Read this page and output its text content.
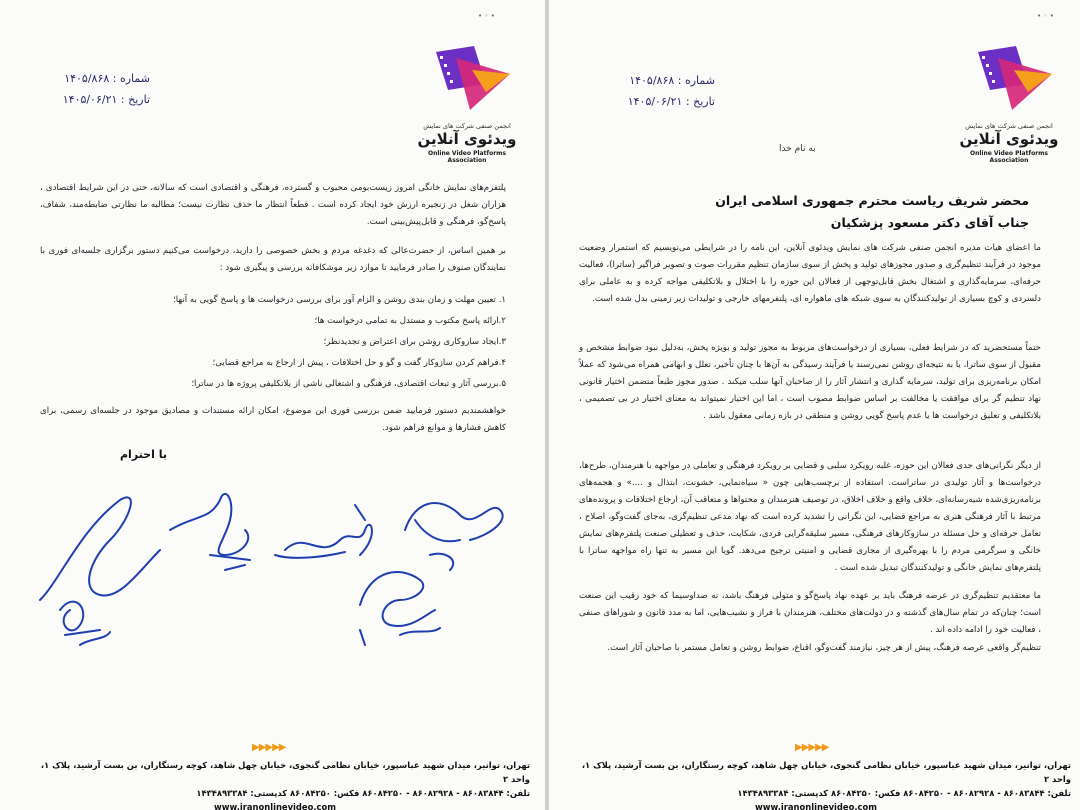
• ◦ •
شماره : ۱۴۰۵/۸۶۸
تاریخ : ۱۴۰۵/۰۶/۲۱
انجمن صنفی شرکت های نمایش
ویدئوی آنلاین
Online Video Platforms Association

پلتفرم‌های نمایش خانگی امروز زیست‌بومی محبوب و گسترده، فرهنگی و اقتصادی است که سالانه، حتی در این شرایط اقتصادی ، هزاران شغل در زنجیره ارزش خود ایجاد کرده است . قطعاً انتظار ما حذف نظارت نیست؛ مطالبه ما نظارتی ضابطه‌مند، شفاف، پاسخ‌گو، فرهنگی و قابل‌پیش‌بینی است.

بر همین اساس، از حضرت‌عالی که دغدغه مردم و بخش خصوصی را دارید، درخواست می‌کنیم دستور برگزاری جلسه‌ای فوری با نمایندگان صنوف را صادر فرمایید تا موارد زیر موشکافانه بررسی و پیگیری شود :

۱. تعیین مهلت و زمان بندی روشن و الزام آور برای بررسی درخواست ها و پاسخ گویی به آنها؛
۲.ارائه پاسخ مکتوب و مستدل به تمامی درخواست ها؛
۳.ایجاد سازوکاری روشن برای اعتراض و تجدیدنظر؛
۴.فراهم کردن سازوکار گفت و گو و حل اختلافات ، پیش از ارجاع به مراجع قضایی؛
۵.بررسی آثار و تبعات اقتصادی، فرهنگی و اشتغالی ناشی از بلاتکلیفی پروژه ها در ساترا؛

خواهشمندیم دستور فرمایید ضمن بررسی فوری این موضوع، امکان ارائه مستندات و مصادیق موجود در جلسه‌ای رسمی، برای کاهش فشارها و موانع فراهم شود.

با احترام
▶▶▶▶▶
تهران، توانیر، میدان شهید عباسپور، خیابان نظامی گنجوی، خیابان چهل شاهد، کوچه رستگاران، بن بست آرشید، پلاک ۱، واحد ۲
تلفن: ۸۶۰۸۳۸۴۴ - ۸۶۰۸۲۹۲۸ - ۸۶۰۸۴۲۵۰ فکس: ۸۶۰۸۴۲۵۰ کدپستی: ۱۴۳۴۸۹۳۳۸۴
www.iranonlinevideo.com
• ◦ •
شماره : ۱۴۰۵/۸۶۸
تاریخ : ۱۴۰۵/۰۶/۲۱
انجمن صنفی شرکت های نمایش
ویدئوی آنلاین
Online Video Platforms Association
به نام خدا
محضر شریف ریاست محترم جمهوری اسلامی ایران
جناب آقای دکتر مسعود پزشکیان

ما اعضای هیات مدیره انجمن صنفی شرکت های نمایش ویدئوی آنلاین، این نامه را در شرایطی می‌نویسیم که استمرار وضعیت موجود در فرآیند تنظیم‌گری و صدور مجوزهای تولید و پخش از سوی سازمان تنظیم مقررات صوت و تصویر فراگیر (ساترا)، فعالیت حرفه‌ای، سرمایه‌گذاری و اشتغال بخش قابل‌توجهی از فعالان این حوزه را با اختلال و بلاتکلیفی مواجه کرده و به عاملی برای دلسردی و کوچ بسیاری از تولیدکنندگان به سوی شبکه های ماهواره ای، پلتفرمهای خارجی و تولیدات زیر زمینی بدل شده است.

حتماً مستحضرید که در شرایط فعلی، بسیاری از درخواست‌های مربوط به مجوز تولید و بویژه پخش، به‌دلیل نبود ضوابط مشخص و مقبول از سوی ساترا، یا به نتیجه‌ای روشن نمی‌رسند یا فرآیند رسیدگی به آن‌ها با چنان تأخیر، تعلل و ابهامی همراه می‌شود که عملاً امکان برنامه‌ریزی برای تولید، سرمایه گذاری و انتشار آثار را از صاحبان آنها سلب میکند . صدور مجوز طبعاً متضمن اختیار قانونی نهاد تنظیم گر برای موافقت یا مخالفت بر اساس ضوابط مصوب است ، اما این اختیار نمیتواند به معنای اختیار در بی تصمیمی ، بلاتکلیفی و تعلیق درخواست ها یا عدم پاسخ گویی روشن و منطقی در بازه زمانی معقول باشد .

از دیگر نگرانی‌های جدی فعالان این حوزه، غلبه رویکرد سلبی و قضایی بر رویکرد فرهنگی و تعاملی در مواجهه با هنرمندان، طرح‌ها، درخواست‌ها و آثار تولیدی در ساتراست. استفاده از برچسب‌هایی چون « سیاه‌نمایی، خشونت، ابتذال و ....» و هجمه‌های برنامه‌ریزی‌شده شبه‌رسانه‌ای، خلاف واقع و خلاف اخلاق، در توصیف هنرمندان و محتواها و متعاقب آن، ارجاع اختلافات و پرونده‌های مرتبط با آثار فرهنگی هنری به مراجع قضایی، این نگرانی را تشدید کرده است که نهاد مدعی تنظیم‌گری، به‌جای گفت‌وگو، اصلاح ، تعامل حرفه‌ای و حل مسئله در سازوکارهای فرهنگی، مسیر سلیقه‌گرایی فردی، شکایت، حذف و تعطیلی صنعت پلتفرم‌های نمایش خانگی و سرگرمی مردم را با بهره‌گیری از مجاری قضایی و امنیتی ترجیح می‌دهد. گویا این مسیر به تنها راه مواجهه ساترا با پلتفرم‌های نمایش خانگی و تولیدکنندگان تبدیل شده است .

ما معتقدیم تنظیم‌گری در عرصه فرهنگ باید بر عهده نهاد پاسخ‌گو و متولی فرهنگ باشد، نه صداوسیما که خود رقیب این صنعت است؛ چنان‌که در تمام سال‌های گذشته و در دولت‌های مختلف، هنرمندان با فراز و نشیب‌هایی، اما به مدد قانون و شورا‌های صنفی ، فعالیت خود را ادامه داده اند .

تنظیم‌گر واقعی عرصه فرهنگ، پیش از هر چیز، نیازمند گفت‌وگو، اقناع، ضوابط روشن و تعامل مستمر با صاحبان آثار است.

▶▶▶▶▶
تهران، توانیر، میدان شهید عباسپور، خیابان نظامی گنجوی، خیابان چهل شاهد، کوچه رستگاران، بن بست آرشید، پلاک ۱، واحد ۲
تلفن: ۸۶۰۸۳۸۴۴ - ۸۶۰۸۲۹۲۸ - ۸۶۰۸۴۲۵۰ فکس: ۸۶۰۸۴۲۵۰ کدپستی: ۱۴۳۴۸۹۳۳۸۴
www.iranonlinevideo.com
